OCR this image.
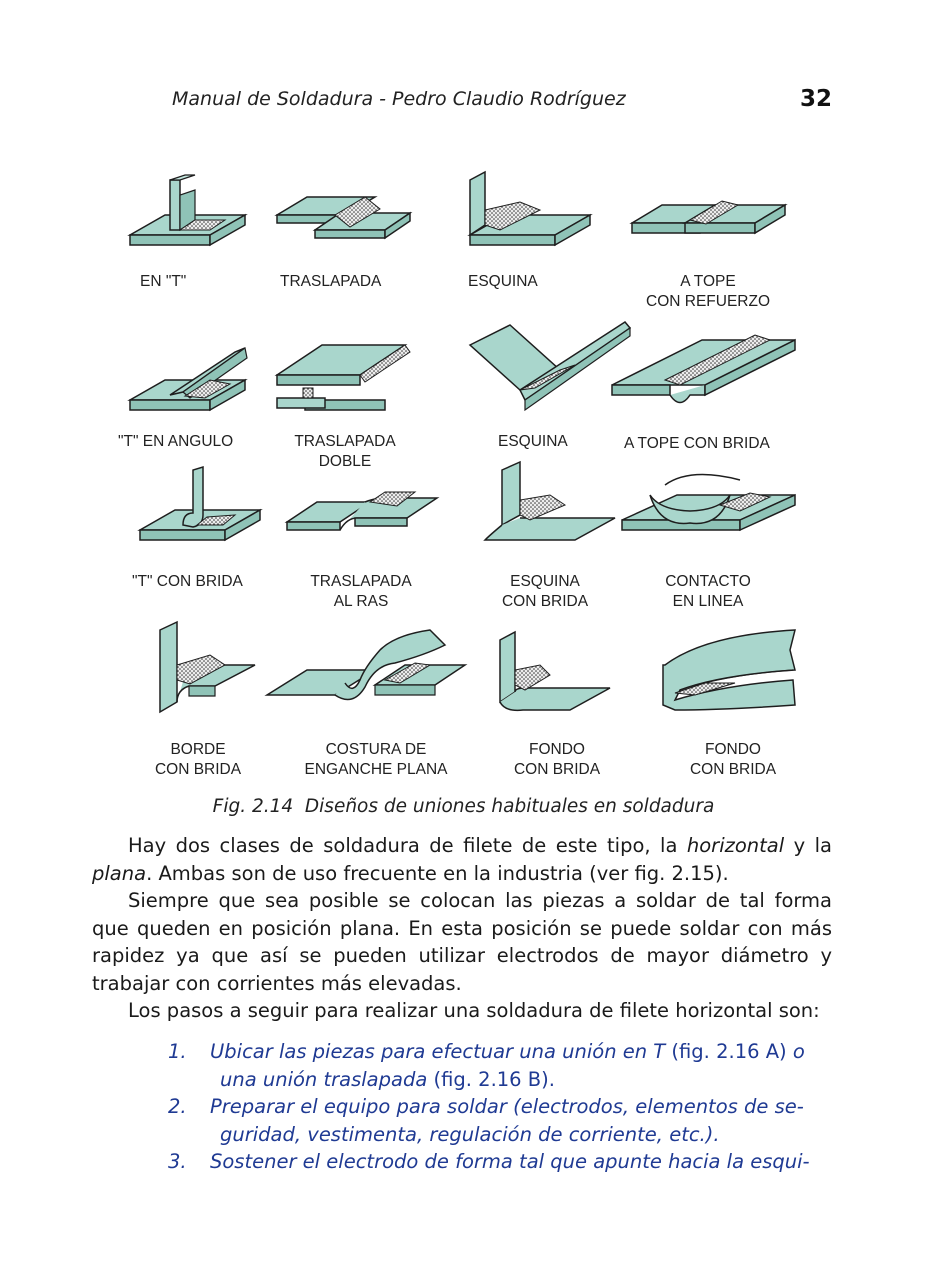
Manual de Soldadura - Pedro Claudio Rodríguez	32
EN "T"	TRASLAPADA	ESQUINA	A TOPE
CON REFUERZO
"T" EN ANGULO	TRASLAPADA
DOBLE
ESQUINA	A TOPE CON BRIDA
"T" CON BRIDA	TRASLAPADA
AL RAS
ESQUINA
CON BRIDA
CONTACTO
EN LINEA
BORDE
CON BRIDA
COSTURA DE
ENGANCHE PLANA
FONDO
CON BRIDA
FONDO
CON BRIDA
Fig. 2.14 Diseños de uniones habituales en soldadura

Hay dos clases de soldadura de filete de este tipo, la horizontal y la plana. Ambas son de uso frecuente en la industria (ver fig. 2.15).

Siempre que sea posible se colocan las piezas a soldar de tal forma que queden en posición plana. En esta posición se puede soldar con más rapidez ya que así se pueden utilizar electrodos de mayor diámetro y trabajar con corrientes más elevadas.

Los pasos a seguir para realizar una soldadura de filete horizontal son:

1. Ubicar las piezas para efectuar una unión en T (fig. 2.16 A) o
una unión traslapada (fig. 2.16 B).

2. Preparar el equipo para soldar (electrodos, elementos de se-
guridad, vestimenta, regulación de corriente, etc.).

3. Sostener el electrodo de forma tal que apunte hacia la esqui-
